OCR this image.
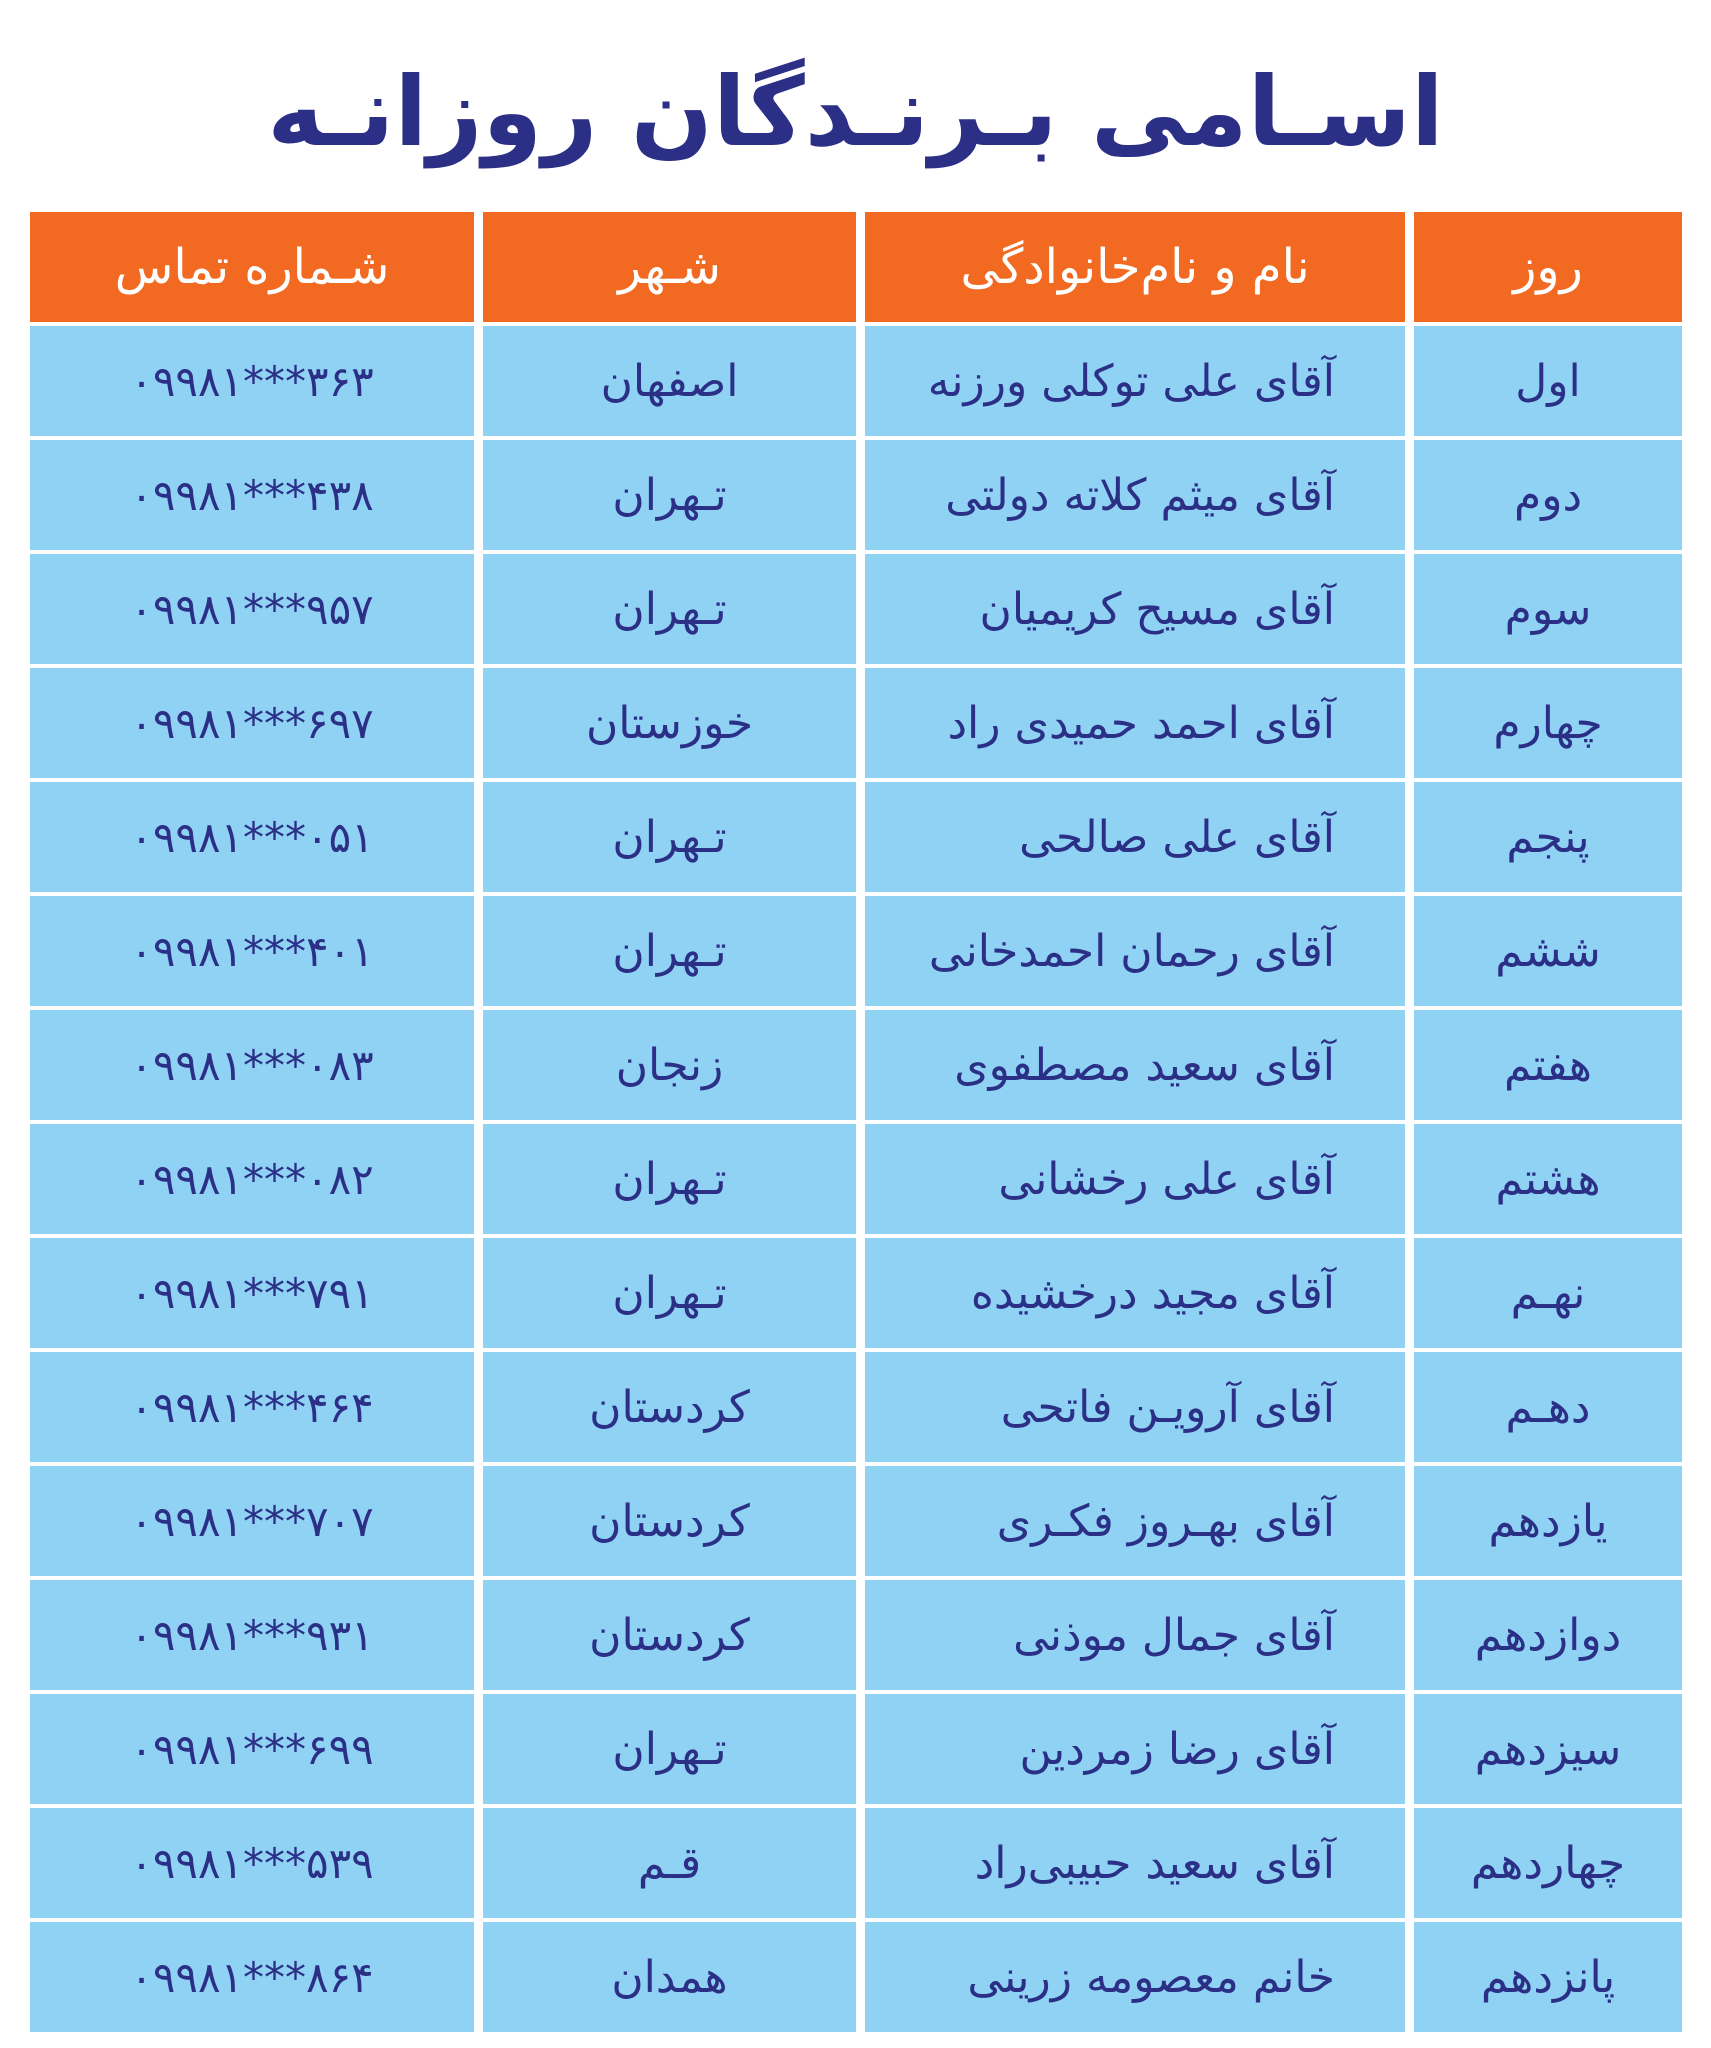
اسـامی بـرنـدگان روزانـه
روز
نام و نام‌خانوادگی
شـهر
شـماره تماس
اول
آقای علی توکلی ورزنه
اصفهان
۰۹۹۸۱***۳۶۳
دوم
آقای میثم کلاته دولتی
تـهران
۰۹۹۸۱***۴۳۸
سوم
آقای مسیح کریمیان
تـهران
۰۹۹۸۱***۹۵۷
چهارم
آقای احمد حمیدی راد
خوزستان
۰۹۹۸۱***۶۹۷
پنجم
آقای علی صالحی
تـهران
۰۹۹۸۱***۰۵۱
ششم
آقای رحمان احمدخانی
تـهران
۰۹۹۸۱***۴۰۱
هفتم
آقای سعید مصطفوی
زنجان
۰۹۹۸۱***۰۸۳
هشتم
آقای علی رخشانی
تـهران
۰۹۹۸۱***۰۸۲
نهـم
آقای مجید درخشیده
تـهران
۰۹۹۸۱***۷۹۱
دهـم
آقای آرویـن فاتحی
کردستان
۰۹۹۸۱***۴۶۴
یازدهم
آقای بهـروز فکـری
کردستان
۰۹۹۸۱***۷۰۷
دوازدهم
آقای جمال موذنی
کردستان
۰۹۹۸۱***۹۳۱
سیزدهم
آقای رضا زمردین
تـهران
۰۹۹۸۱***۶۹۹
چهاردهم
آقای سعید حبیبی‌راد
قـم
۰۹۹۸۱***۵۳۹
پانزدهم
خانم معصومه زرینی
همدان
۰۹۹۸۱***۸۶۴
